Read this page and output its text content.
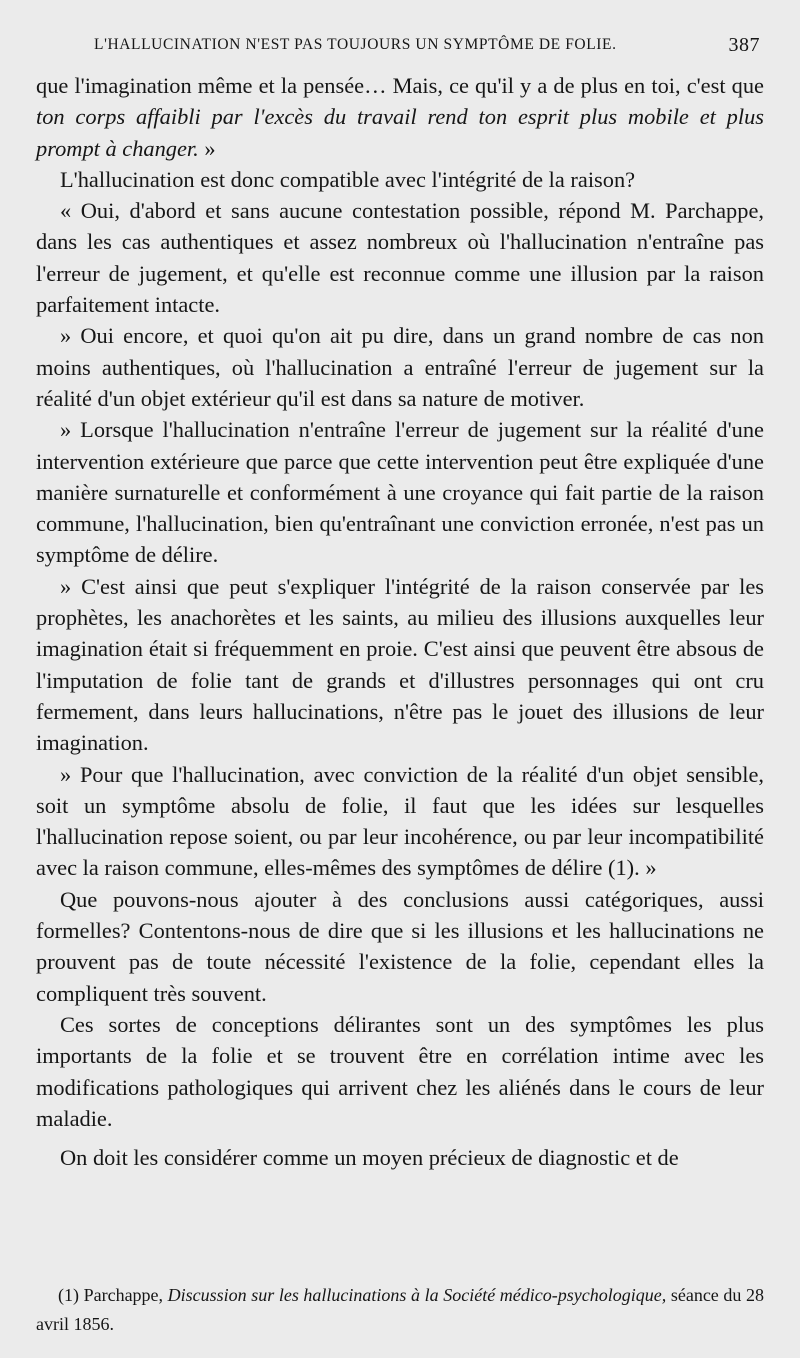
L'HALLUCINATION N'EST PAS TOUJOURS UN SYMPTÔME DE FOLIE.	387

que l'imagination même et la pensée… Mais, ce qu'il y a de plus en toi, c'est que ton corps affaibli par l'excès du travail rend ton esprit plus mobile et plus prompt à changer. »

L'hallucination est donc compatible avec l'intégrité de la raison?

« Oui, d'abord et sans aucune contestation possible, répond M. Parchappe, dans les cas authentiques et assez nombreux où l'hallucination n'entraîne pas l'erreur de jugement, et qu'elle est reconnue comme une illusion par la raison parfaitement intacte.

» Oui encore, et quoi qu'on ait pu dire, dans un grand nombre de cas non moins authentiques, où l'hallucination a entraîné l'erreur de jugement sur la réalité d'un objet extérieur qu'il est dans sa nature de motiver.

» Lorsque l'hallucination n'entraîne l'erreur de jugement sur la réalité d'une intervention extérieure que parce que cette intervention peut être expliquée d'une manière surnaturelle et conformément à une croyance qui fait partie de la raison commune, l'hallucination, bien qu'entraînant une conviction erronée, n'est pas un symptôme de délire.

» C'est ainsi que peut s'expliquer l'intégrité de la raison conservée par les prophètes, les anachorètes et les saints, au milieu des illusions auxquelles leur imagination était si fréquemment en proie. C'est ainsi que peuvent être absous de l'imputation de folie tant de grands et d'illustres personnages qui ont cru fermement, dans leurs hallucinations, n'être pas le jouet des illusions de leur imagination.

» Pour que l'hallucination, avec conviction de la réalité d'un objet sensible, soit un symptôme absolu de folie, il faut que les idées sur lesquelles l'hallucination repose soient, ou par leur incohérence, ou par leur incompatibilité avec la raison commune, elles-mêmes des symptômes de délire (1). »

Que pouvons-nous ajouter à des conclusions aussi catégoriques, aussi formelles? Contentons-nous de dire que si les illusions et les hallucinations ne prouvent pas de toute nécessité l'existence de la folie, cependant elles la compliquent très souvent.

Ces sortes de conceptions délirantes sont un des symptômes les plus importants de la folie et se trouvent être en corrélation intime avec les modifications pathologiques qui arrivent chez les aliénés dans le cours de leur maladie.

On doit les considérer comme un moyen précieux de diagnostic et de

(1) Parchappe, Discussion sur les hallucinations à la Société médico-psychologique, séance du 28 avril 1856.
